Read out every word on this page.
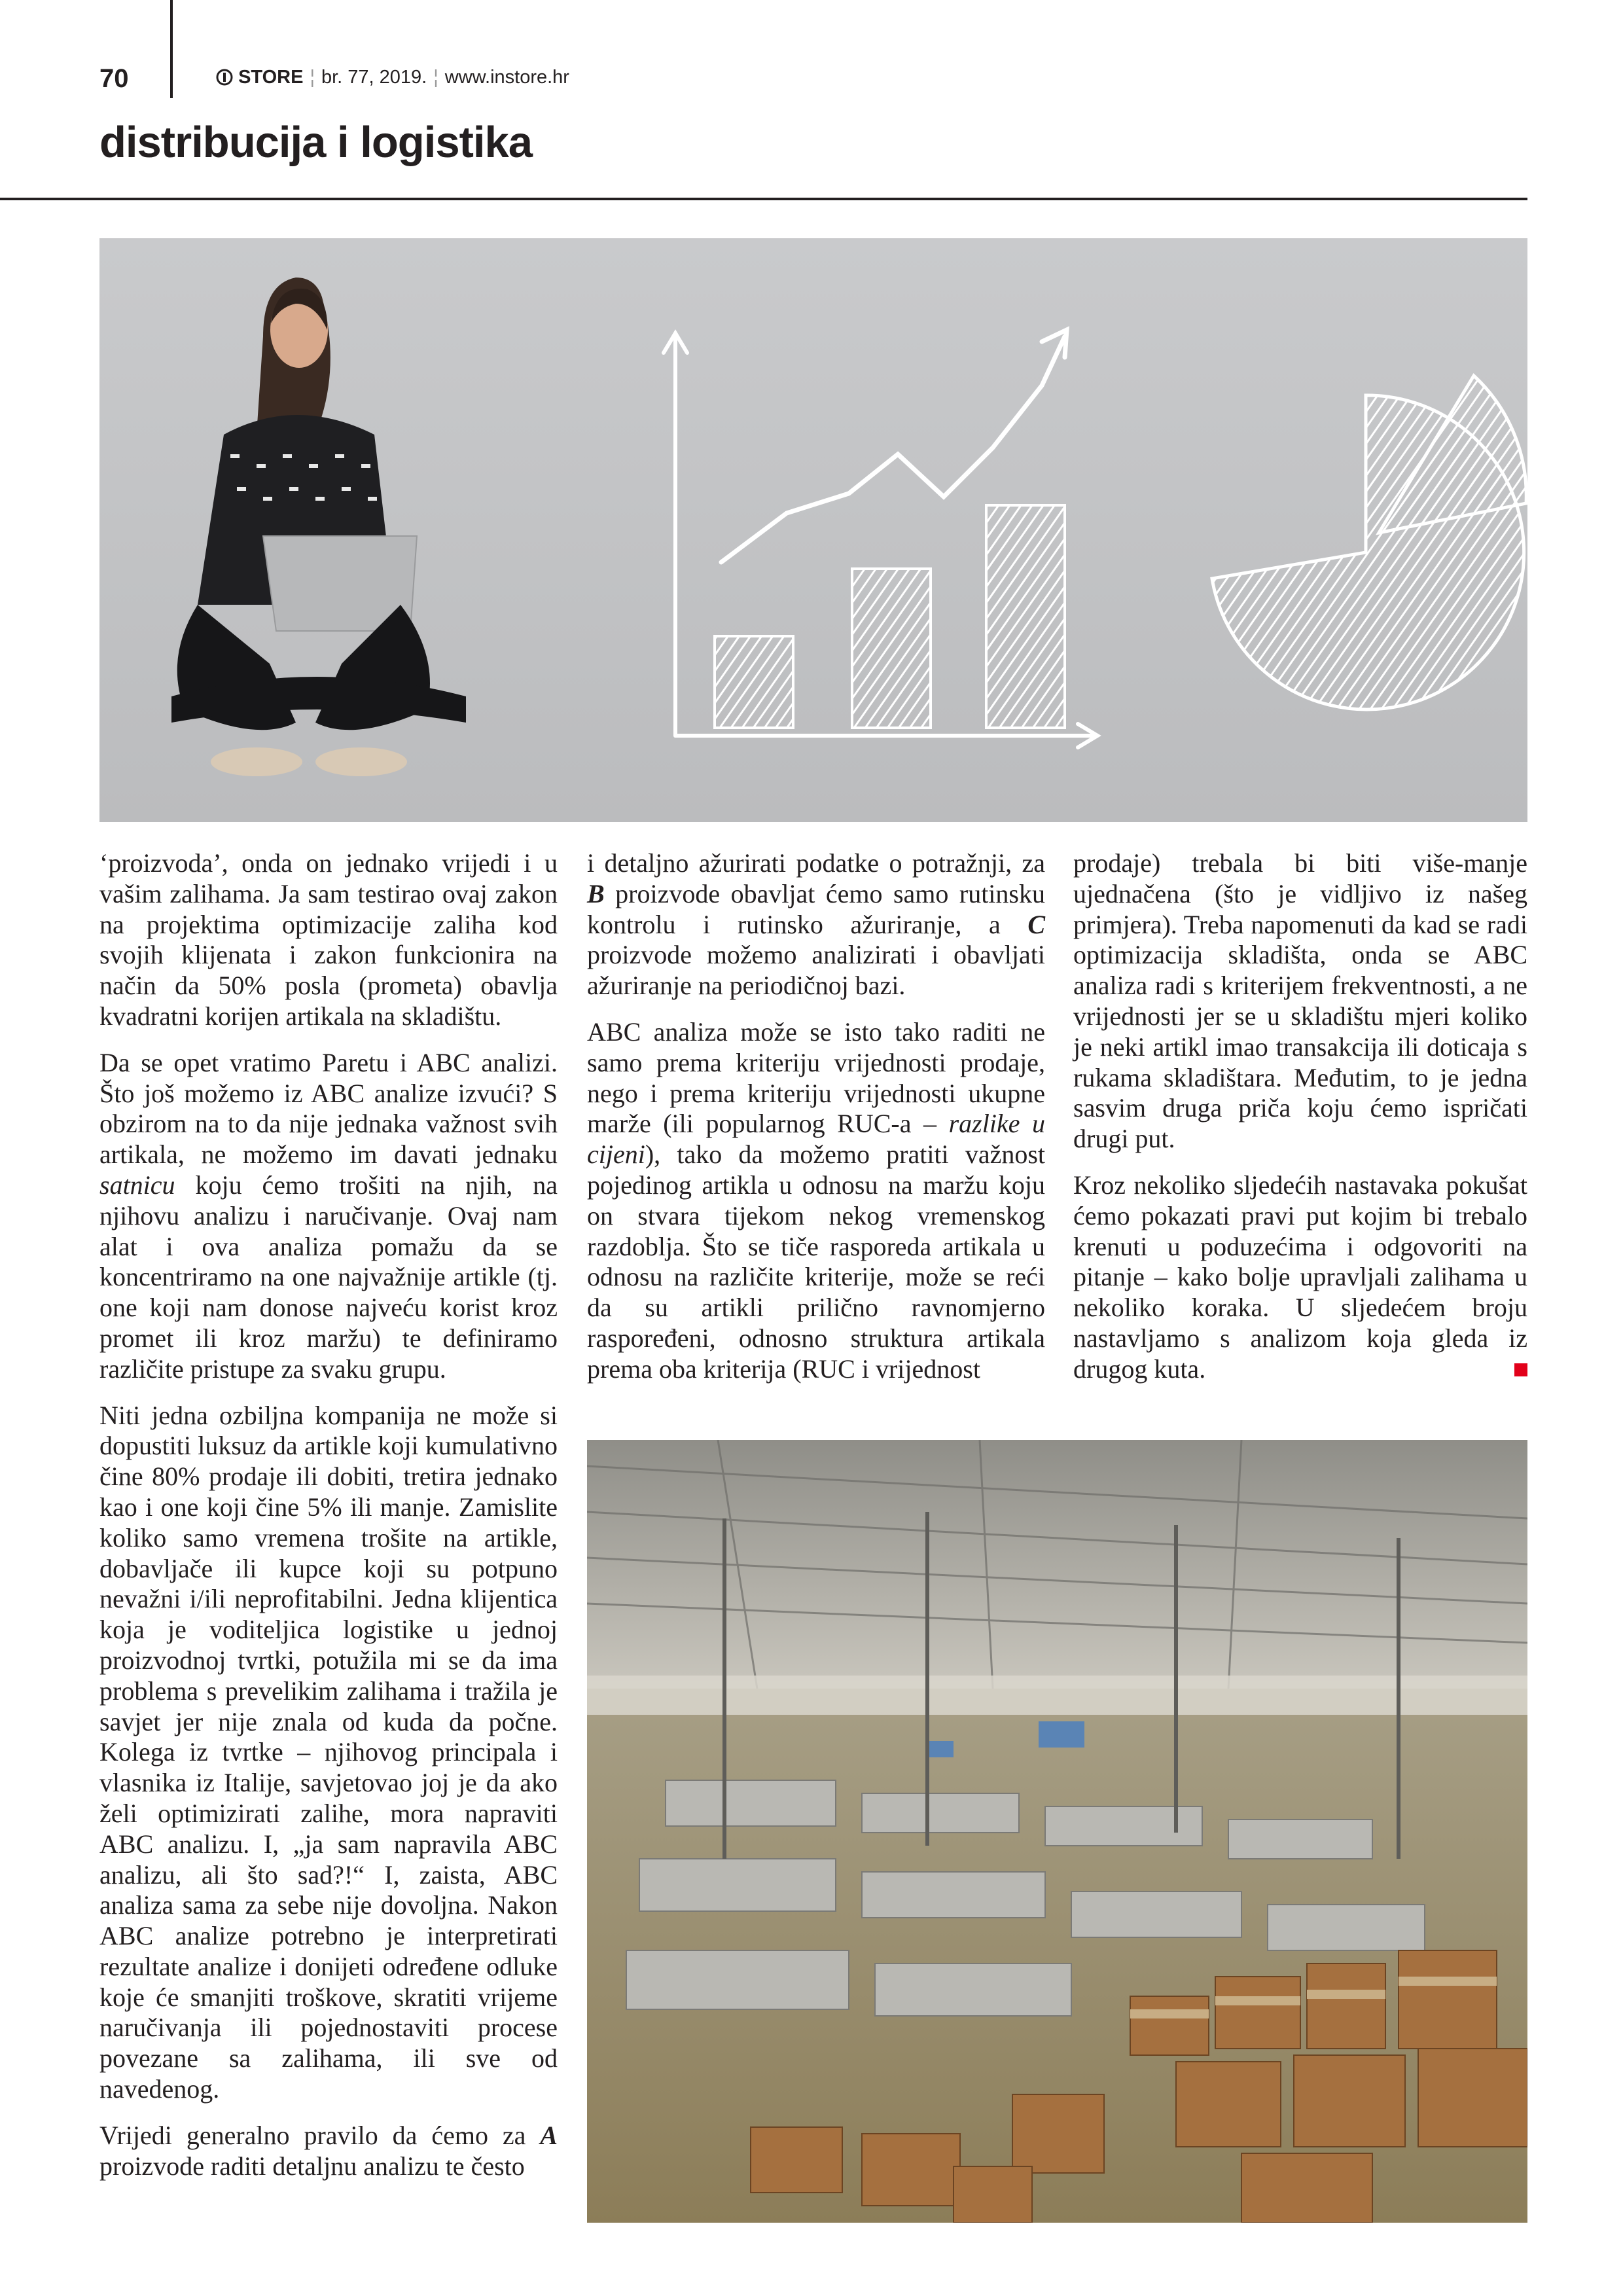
70	STORE ¦ br. 77, 2019. ¦ www.instore.hr
distribucija i logistika

‘proizvoda’, onda on jednako vrijedi i u vašim zalihama. Ja sam testirao ovaj zakon na projektima optimizacije zaliha kod svojih klijenata i zakon funkcionira na način da 50% posla (prometa) obavlja kvadratni korijen artikala na skladištu.

Da se opet vratimo Paretu i ABC analizi. Što još možemo iz ABC analize izvući? S obzirom na to da nije jednaka važnost svih artikala, ne možemo im davati jednaku satnicu koju ćemo trošiti na njih, na njihovu analizu i naručivanje. Ovaj nam alat i ova analiza pomažu da se koncentriramo na one najvažnije artikle (tj. one koji nam donose najveću korist kroz promet ili kroz maržu) te definiramo različite pristupe za svaku grupu.

Niti jedna ozbiljna kompanija ne može si dopustiti luksuz da artikle koji kumulativno čine 80% prodaje ili dobiti, tretira jednako kao i one koji čine 5% ili manje. Zamislite koliko samo vremena trošite na artikle, dobavljače ili kupce koji su potpuno nevažni i/ili neprofitabilni. Jedna klijentica koja je voditeljica logistike u jednoj proizvodnoj tvrtki, potužila mi se da ima problema s prevelikim zalihama i tražila je savjet jer nije znala od kuda da počne. Kolega iz tvrtke – njihovog principala i vlasnika iz Italije, savjetovao joj je da ako želi optimizirati zalihe, mora napraviti ABC analizu. I, „ja sam napravila ABC analizu, ali što sad?!“ I, zaista, ABC analiza sama za sebe nije dovoljna. Nakon ABC analize potrebno je interpretirati rezultate analize i donijeti određene odluke koje će smanjiti troškove, skratiti vrijeme naručivanja ili pojednostaviti procese povezane sa zalihama, ili sve od navedenog.

Vrijedi generalno pravilo da ćemo za A proizvode raditi detaljnu analizu te često

i detaljno ažurirati podatke o potražnji, za B proizvode obavljat ćemo samo rutinsku kontrolu i rutinsko ažuriranje, a C proizvode možemo analizirati i obavljati ažuriranje na periodičnoj bazi.

ABC analiza može se isto tako raditi ne samo prema kriteriju vrijednosti prodaje, nego i prema kriteriju vrijednosti ukupne marže (ili popularnog RUC-a – razlike u cijeni), tako da možemo pratiti važnost pojedinog artikla u odnosu na maržu koju on stvara tijekom nekog vremenskog razdoblja. Što se tiče rasporeda artikala u odnosu na različite kriterije, može se reći da su artikli prilično ravnomjerno raspoređeni, odnosno struktura artikala prema oba kriterija (RUC i vrijednost

prodaje) trebala bi biti više-manje ujednačena (što je vidljivo iz našeg primjera). Treba napomenuti da kad se radi optimizacija skladišta, onda se ABC analiza radi s kriterijem frekventnosti, a ne vrijednosti jer se u skladištu mjeri koliko je neki artikl imao transakcija ili doticaja s rukama skladištara. Međutim, to je jedna sasvim druga priča koju ćemo ispričati drugi put.

Kroz nekoliko sljedećih nastavaka pokušat ćemo pokazati pravi put kojim bi trebalo krenuti u poduzećima i odgovoriti na pitanje – kako bolje upravljali zalihama u nekoliko koraka. U sljedećem broju nastavljamo s analizom koja gleda iz drugog kuta.
